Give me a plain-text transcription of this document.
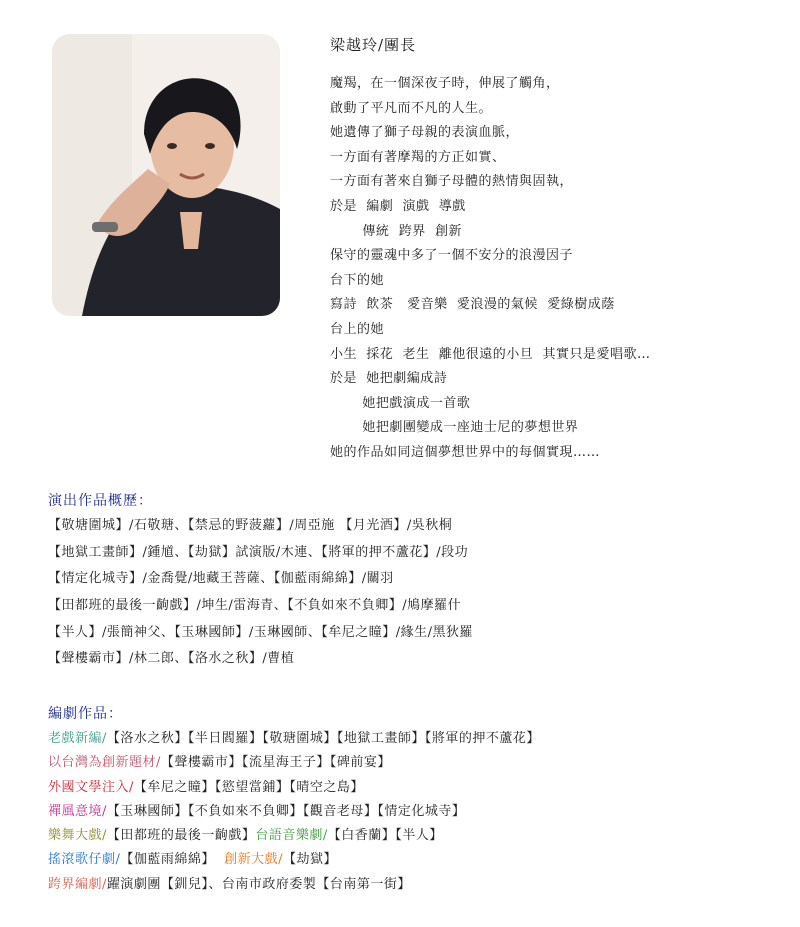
梁越玲/團長
魔羯，在一個深夜子時，伸展了觸角，
啟動了平凡而不凡的人生。
她遺傳了獅子母親的表演血脈，
一方面有著摩羯的方正如實、
一方面有著來自獅子母體的熱情與固執，
於是  編劇  演戲  導戲
傳統  跨界  創新
保守的靈魂中多了一個不安分的浪漫因子
台下的她
寫詩  飲茶   愛音樂  愛浪漫的氣候  愛綠樹成蔭
台上的她
小生  採花  老生  離他很遠的小旦  其實只是愛唱歌…
於是  她把劇編成詩
她把戲演成一首歌
她把劇團變成一座迪士尼的夢想世界
她的作品如同這個夢想世界中的每個實現……
演出作品概歷：
【敬塘圍城】/石敬瑭、【禁忌的野菠蘿】/周亞施 【月光酒】/吳秋桐
【地獄工畫師】/鍾馗、【劫獄】試演版/木連、【將軍的押不蘆花】/段功
【情定化城寺】/金喬覺/地藏王菩薩、【伽藍雨綿綿】/關羽
【田都班的最後一齣戲】/坤生/雷海青、【不負如來不負卿】/鳩摩羅什
【半人】/張簡神父、【玉琳國師】/玉琳國師、【牟尼之瞳】/緣生/黑狄羅
【聲樓霸市】/林二郎、【洛水之秋】/曹植
編劇作品：
老戲新編/【洛水之秋】【半日閻羅】【敬瑭圍城】【地獄工畫師】【將軍的押不蘆花】
以台灣為創新題材/【聲樓霸市】【流星海王子】【碑前宴】
外國文學注入/【牟尼之瞳】【慾望當鋪】【晴空之島】
禪風意境/【玉琳國師】【不負如來不負卿】【觀音老母】【情定化城寺】
樂舞大戲/【田都班的最後一齣戲】台語音樂劇/【白香蘭】【半人】
搖滾歌仔劇/【伽藍雨綿綿】  創新大戲/【劫獄】
跨界編劇/躍演劇團【釧兒】、台南市政府委製【台南第一街】
